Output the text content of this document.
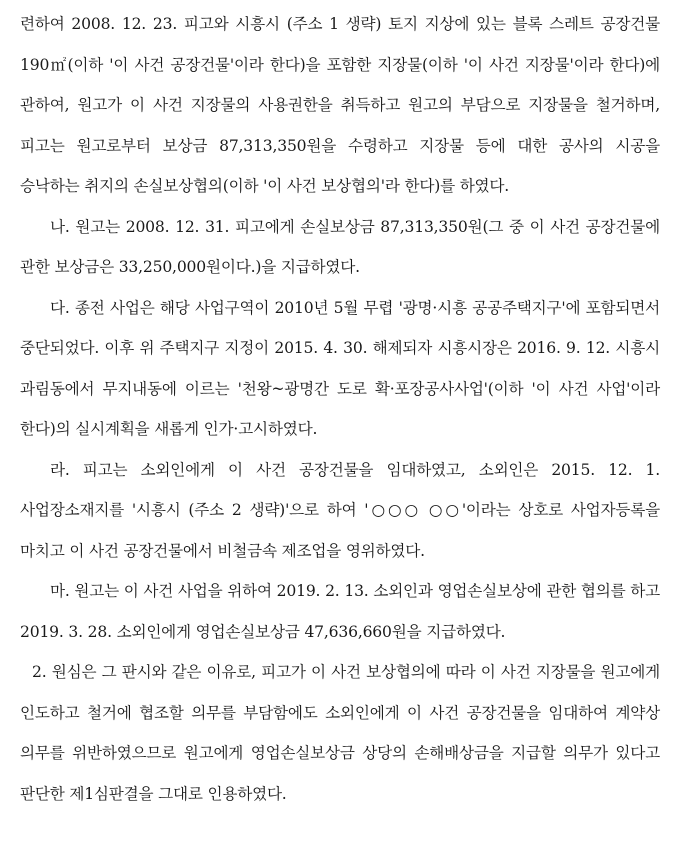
련하여 2008. 12. 23. 피고와 시흥시 (주소 1 생략) 토지 지상에 있는 블록 스레트 공장건물 190㎡(이하 '이 사건 공장건물'이라 한다)을 포함한 지장물(이하 '이 사건 지장물'이라 한다)에 관하여, 원고가 이 사건 지장물의 사용권한을 취득하고 원고의 부담으로 지장물을 철거하며, 피고는 원고로부터 보상금 87,313,350원을 수령하고 지장물 등에 대한 공사의 시공을 승낙하는 취지의 손실보상협의(이하 '이 사건 보상협의'라 한다)를 하였다.

나. 원고는 2008. 12. 31. 피고에게 손실보상금 87,313,350원(그 중 이 사건 공장건물에 관한 보상금은 33,250,000원이다.)을 지급하였다.

다. 종전 사업은 해당 사업구역이 2010년 5월 무렵 '광명·시흥 공공주택지구'에 포함되면서 중단되었다. 이후 위 주택지구 지정이 2015. 4. 30. 해제되자 시흥시장은 2016. 9. 12. 시흥시 과림동에서 무지내동에 이르는 '천왕~광명간 도로 확·포장공사사업'(이하 '이 사건 사업'이라 한다)의 실시계획을 새롭게 인가·고시하였다.

라. 피고는 소외인에게 이 사건 공장건물을 임대하였고, 소외인은 2015. 12. 1. 사업장소재지를 '시흥시 (주소 2 생략)'으로 하여 '○○○ ○○'이라는 상호로 사업자등록을 마치고 이 사건 공장건물에서 비철금속 제조업을 영위하였다.

마. 원고는 이 사건 사업을 위하여 2019. 2. 13. 소외인과 영업손실보상에 관한 협의를 하고 2019. 3. 28. 소외인에게 영업손실보상금 47,636,660원을 지급하였다.

2. 원심은 그 판시와 같은 이유로, 피고가 이 사건 보상협의에 따라 이 사건 지장물을 원고에게 인도하고 철거에 협조할 의무를 부담함에도 소외인에게 이 사건 공장건물을 임대하여 계약상 의무를 위반하였으므로 원고에게 영업손실보상금 상당의 손해배상금을 지급할 의무가 있다고 판단한 제1심판결을 그대로 인용하였다.
